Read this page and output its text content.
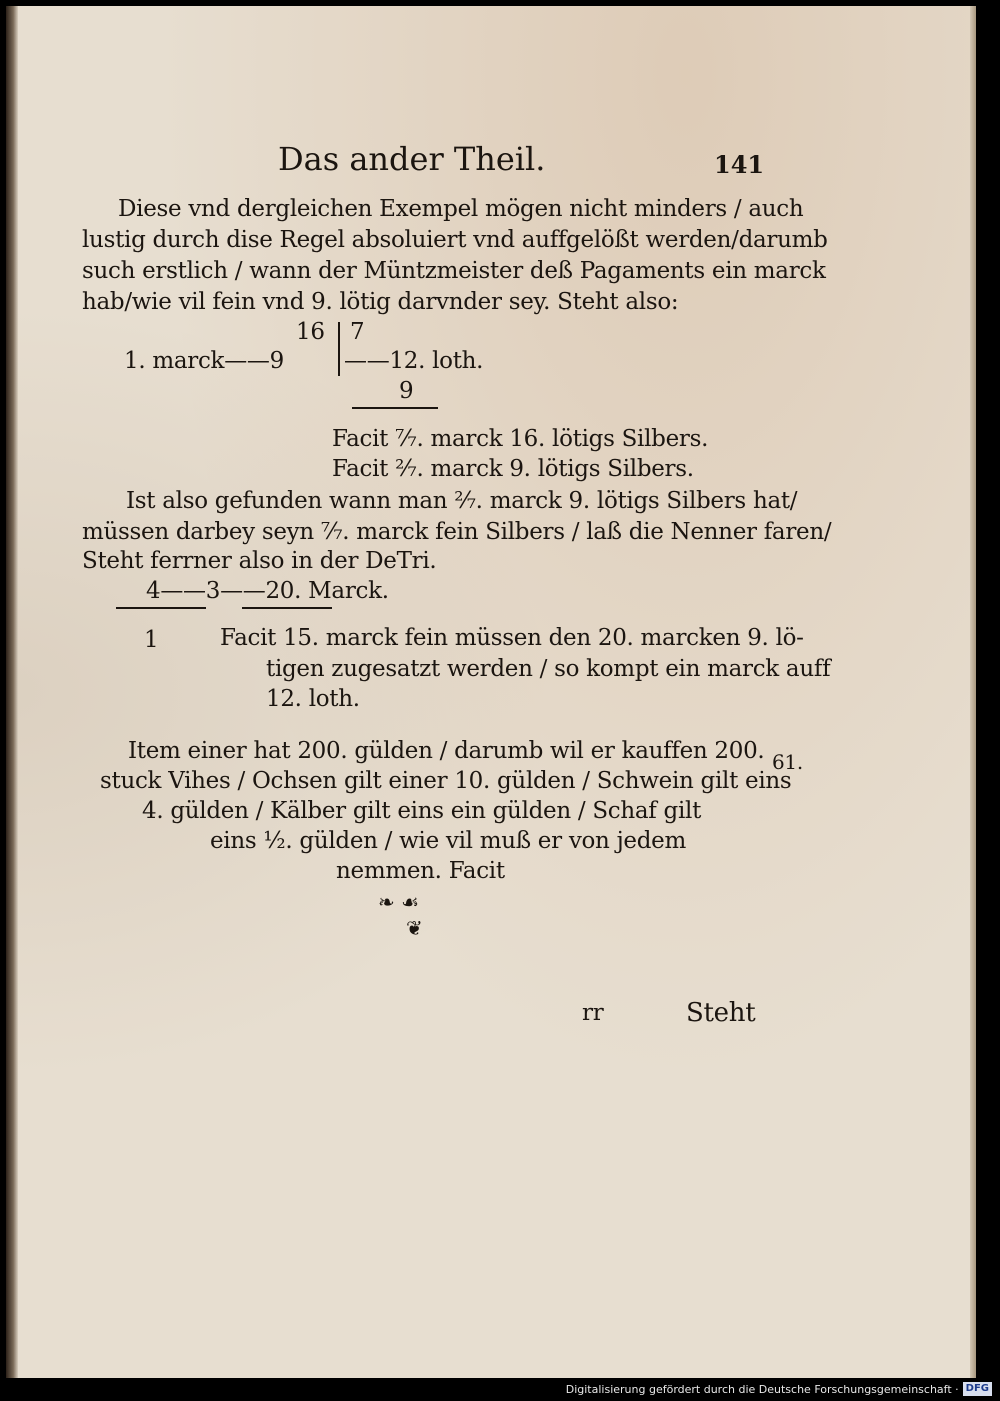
Das ander Theil.	141
Diese vnd dergleichen Exempel mögen nicht minders / auch
lustig durch dise Regel absoluiert vnd auffgelößt werden/darumb
such erstlich / wann der Müntzmeister deß Pagaments ein marck
hab/wie vil fein vnd 9. lötig darvnder sey. Steht also:
16 7
1. marck——9	——12. loth.
9
Facit ⁷⁄₇. marck 16. lötigs Silbers.
Facit ²⁄₇. marck 9. lötigs Silbers.
Ist also gefunden wann man ²⁄₇. marck 9. lötigs Silbers hat/
müssen darbey seyn ⁷⁄₇. marck fein Silbers / laß die Nenner faren/
Steht ferrner also in der DeTri.
4——3——20. Marck.
1	Facit 15. marck fein müssen den 20. marcken 9. lö-
tigen zugesatzt werden / so kompt ein marck auff
12. loth.
Item einer hat 200. gülden / darumb wil er kauffen 200. 61.
stuck Vihes / Ochsen gilt einer 10. gülden / Schwein gilt eins
4. gülden / Kälber gilt eins ein gülden / Schaf gilt
eins ½. gülden / wie vil muß er von jedem
nemmen. Facit
❧ ☙
❦
rr	Steht
Digitalisierung gefördert durch die Deutsche Forschungsgemeinschaft · DFG
